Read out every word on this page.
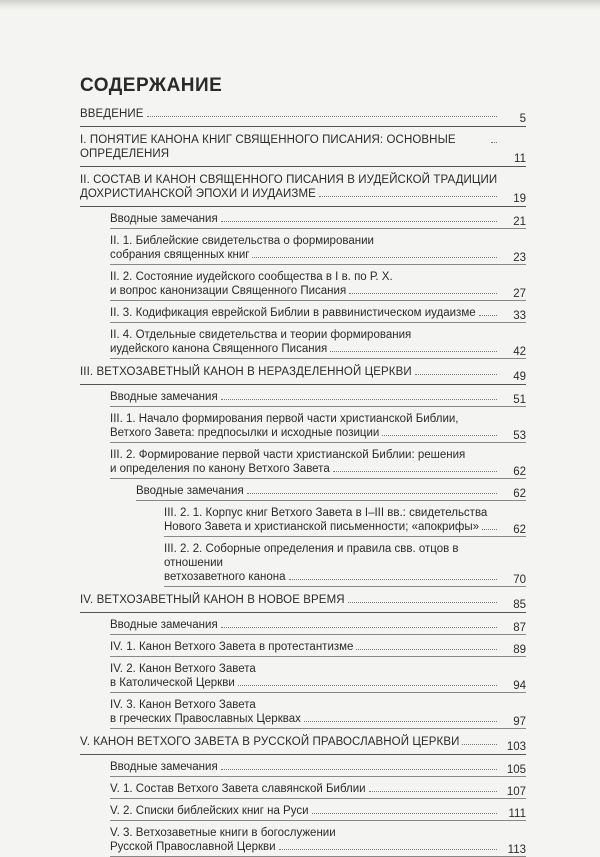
СОДЕРЖАНИЕ
ВВЕДЕНИЕ	5
I. ПОНЯТИЕ КАНОНА КНИГ СВЯЩЕННОГО ПИСАНИЯ: ОСНОВНЫЕ ОПРЕДЕЛЕНИЯ	11
II. СОСТАВ И КАНОН СВЯЩЕННОГО ПИСАНИЯ В ИУДЕЙСКОЙ ТРАДИЦИИ
ДОХРИСТИАНСКОЙ ЭПОХИ И ИУДАИЗМЕ	19
Вводные замечания	21
II. 1. Библейские свидетельства о формировании
собрания священных книг	23
II. 2. Состояние иудейского сообщества в I в. по Р. Х.
и вопрос канонизации Священного Писания	27
II. 3. Кодификация еврейской Библии в раввинистическом иудаизме	33
II. 4. Отдельные свидетельства и теории формирования
иудейского канона Священного Писания	42
III. ВЕТХОЗАВЕТНЫЙ КАНОН В НЕРАЗДЕЛЕННОЙ ЦЕРКВИ	49
Вводные замечания	51
III. 1. Начало формирования первой части христианской Библии,
Ветхого Завета: предпосылки и исходные позиции	53
III. 2. Формирование первой части христианской Библии: решения
и определения по канону Ветхого Завета	62
Вводные замечания	62
III. 2. 1. Корпус книг Ветхого Завета в I–III вв.: свидетельства
Нового Завета и христианской письменности; «апокрифы»	62
III. 2. 2. Соборные определения и правила свв. отцов в отношении
ветхозаветного канона	70
IV. ВЕТХОЗАВЕТНЫЙ КАНОН В НОВОЕ ВРЕМЯ	85
Вводные замечания	87
IV. 1. Канон Ветхого Завета в протестантизме	89
IV. 2. Канон Ветхого Завета
в Католической Церкви	94
IV. 3. Канон Ветхого Завета
в греческих Православных Церквах	97
V. КАНОН ВЕТХОГО ЗАВЕТА В РУССКОЙ ПРАВОСЛАВНОЙ ЦЕРКВИ	103
Вводные замечания	105
V. 1. Состав Ветхого Завета славянской Библии	107
V. 2. Списки библейских книг на Руси	111
V. 3. Ветхозаветные книги в богослужении
Русской Православной Церкви	113
